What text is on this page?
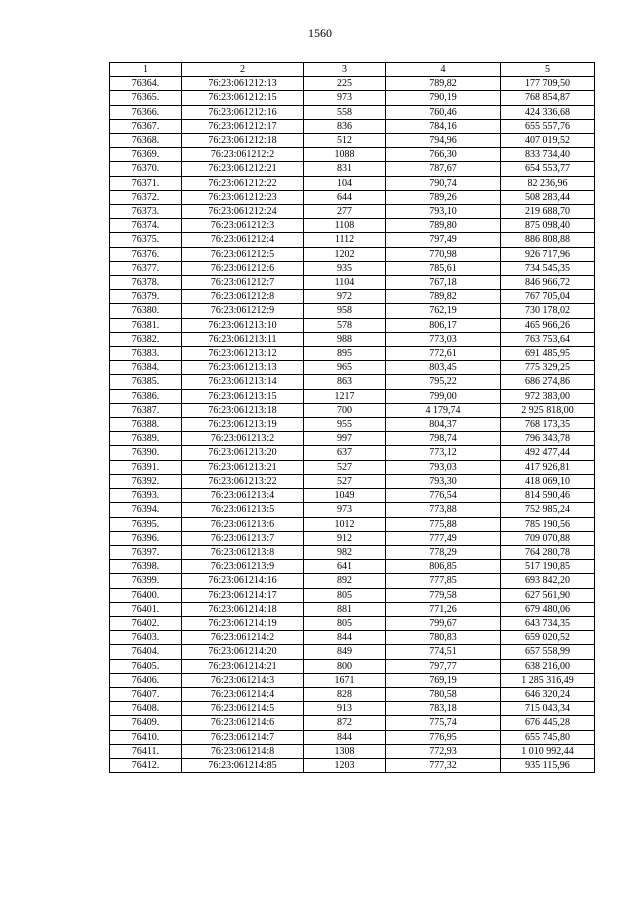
1560
1	2	3	4	5
76364.	76:23:061212:13	225	789,82	177 709,50
76365.	76:23:061212:15	973	790,19	768 854,87
76366.	76:23:061212:16	558	760,46	424 336,68
76367.	76:23:061212:17	836	784,16	655 557,76
76368.	76:23:061212:18	512	794,96	407 019,52
76369.	76:23:061212:2	1088	766,30	833 734,40
76370.	76:23:061212:21	831	787,67	654 553,77
76371.	76:23:061212:22	104	790,74	82 236,96
76372.	76:23:061212:23	644	789,26	508 283,44
76373.	76:23:061212:24	277	793,10	219 688,70
76374.	76:23:061212:3	1108	789,80	875 098,40
76375.	76:23:061212:4	1112	797,49	886 808,88
76376.	76:23:061212:5	1202	770,98	926 717,96
76377.	76:23:061212:6	935	785,61	734 545,35
76378.	76:23:061212:7	1104	767,18	846 966,72
76379.	76:23:061212:8	972	789,82	767 705,04
76380.	76:23:061212:9	958	762,19	730 178,02
76381.	76:23:061213:10	578	806,17	465 966,26
76382.	76:23:061213:11	988	773,03	763 753,64
76383.	76:23:061213:12	895	772,61	691 485,95
76384.	76:23:061213:13	965	803,45	775 329,25
76385.	76:23:061213:14	863	795,22	686 274,86
76386.	76:23:061213:15	1217	799,00	972 383,00
76387.	76:23:061213:18	700	4 179,74	2 925 818,00
76388.	76:23:061213:19	955	804,37	768 173,35
76389.	76:23:061213:2	997	798,74	796 343,78
76390.	76:23:061213:20	637	773,12	492 477,44
76391.	76:23:061213:21	527	793,03	417 926,81
76392.	76:23:061213:22	527	793,30	418 069,10
76393.	76:23:061213:4	1049	776,54	814 590,46
76394.	76:23:061213:5	973	773,88	752 985,24
76395.	76:23:061213:6	1012	775,88	785 190,56
76396.	76:23:061213:7	912	777,49	709 070,88
76397.	76:23:061213:8	982	778,29	764 280,78
76398.	76:23:061213:9	641	806,85	517 190,85
76399.	76:23:061214:16	892	777,85	693 842,20
76400.	76:23:061214:17	805	779,58	627 561,90
76401.	76:23:061214:18	881	771,26	679 480,06
76402.	76:23:061214:19	805	799,67	643 734,35
76403.	76:23:061214:2	844	780,83	659 020,52
76404.	76:23:061214:20	849	774,51	657 558,99
76405.	76:23:061214:21	800	797,77	638 216,00
76406.	76:23:061214:3	1671	769,19	1 285 316,49
76407.	76:23:061214:4	828	780,58	646 320,24
76408.	76:23:061214:5	913	783,18	715 043,34
76409.	76:23:061214:6	872	775,74	676 445,28
76410.	76:23:061214:7	844	776,95	655 745,80
76411.	76:23:061214:8	1308	772,93	1 010 992,44
76412.	76:23:061214:85	1203	777,32	935 115,96
